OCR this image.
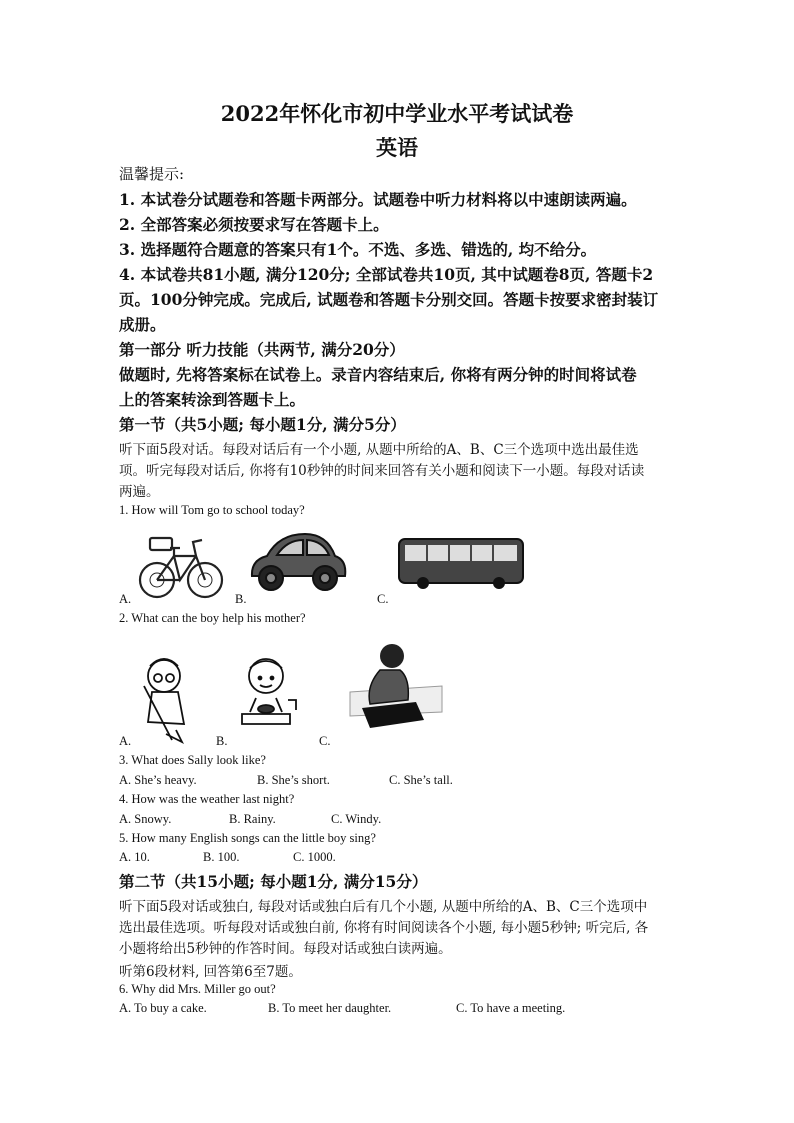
2022年怀化市初中学业水平考试试卷
英语
温馨提示:
1. 本试卷分试题卷和答题卡两部分。试题卷中听力材料将以中速朗读两遍。
2. 全部答案必须按要求写在答题卡上。
3. 选择题符合题意的答案只有1个。不选、多选、错选的, 均不给分。
4. 本试卷共81小题, 满分120分; 全部试卷共10页, 其中试题卷8页, 答题卡2
页。100分钟完成。完成后, 试题卷和答题卡分别交回。答题卡按要求密封装订
成册。
第一部分 听力技能（共两节, 满分20分）
做题时, 先将答案标在试卷上。录音内容结束后, 你将有两分钟的时间将试卷
上的答案转涂到答题卡上。
第一节（共5小题; 每小题1分, 满分5分）
听下面5段对话。每段对话后有一个小题, 从题中所给的A、B、C三个选项中选出最佳选
项。听完每段对话后, 你将有10秒钟的时间来回答有关小题和阅读下一小题。每段对话读
两遍。
1. How will Tom go to school today?
A.	B.	C.
2. What can the boy help his mother?
A.	B.	C.
3. What does Sally look like?
A. She’s heavy.	B. She’s short.	C. She’s tall.
4. How was the weather last night?
A. Snowy.	B. Rainy.	C. Windy.
5. How many English songs can the little boy sing?
A. 10.	B. 100.	C. 1000.
第二节（共15小题; 每小题1分, 满分15分）
听下面5段对话或独白, 每段对话或独白后有几个小题, 从题中所给的A、B、C三个选项中
选出最佳选项。听每段对话或独白前, 你将有时间阅读各个小题, 每小题5秒钟; 听完后, 各
小题将给出5秒钟的作答时间。每段对话或独白读两遍。
听第6段材料, 回答第6至7题。
6. Why did Mrs. Miller go out?
A. To buy a cake.	B. To meet her daughter.	C. To have a meeting.
